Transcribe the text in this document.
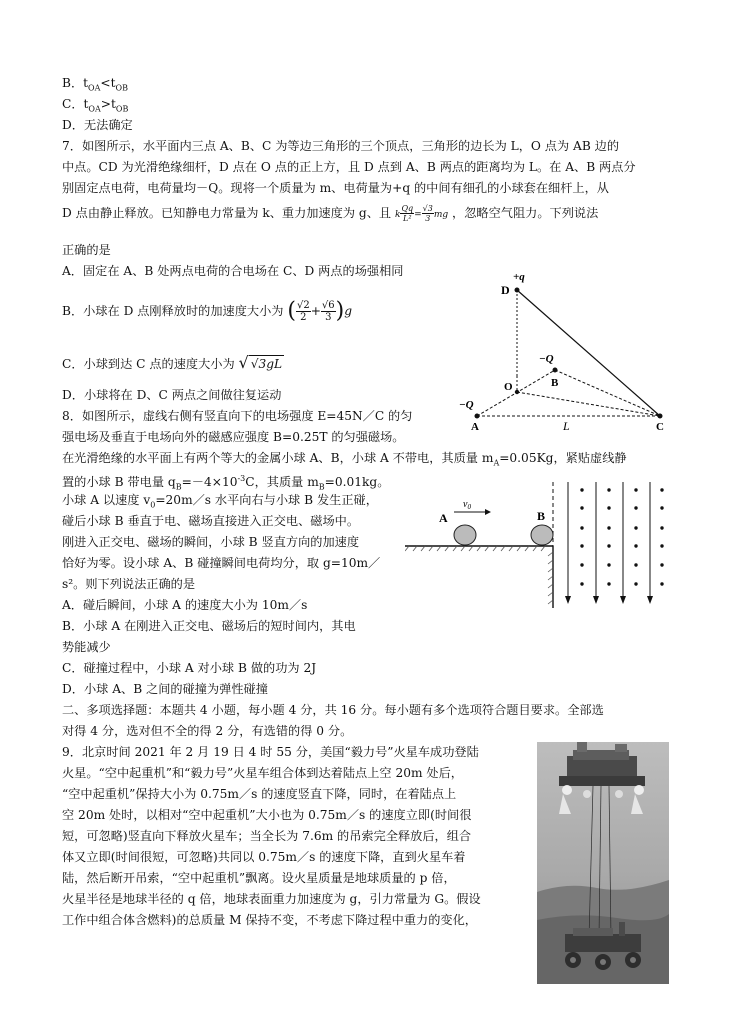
B．$t_{OA}<t_{OB}$
C．$t_{OA}>t_{OB}$
D．无法确定
7．如图所示，水平面内三点 A、B、C 为等边三角形的三个顶点，三角形的边长为 L，O 点为 AB 边的
中点。CD 为光滑绝缘细杆，D 点在 O 点的正上方，且 D 点到 A、B 两点的距离均为 L。在 A、B 两点分
别固定点电荷，电荷量均－Q。现将一个质量为 m、电荷量为+q 的中间有细孔的小球套在细杆上，从
D 点由静止释放。已知静电力常量为 k、重力加速度为 g、且 k $\frac{Qq}{\text{L²}} = \frac{√3}{3}$ mg ，忽略空气阻力。下列说法
正确的是
A．固定在 A、B 处两点电荷的合电场在 C、D 两点的场强相同
B．小球在 D 点刚释放时的加速度大小为 ( $\frac{√2}{2} + \frac{√6}{3} )g$
C．小球到达 C 点的速度大小为 √ √3gL
D．小球将在 D、C 两点之间做往复运动
D
+q
−Q
B
O
−Q
A	L	C
8．如图所示，虚线右侧有竖直向下的电场强度 E=45N／C 的匀
强电场及垂直于电场向外的磁感应强度 B=0.25T 的匀强磁场。
在光滑绝缘的水平面上有两个等大的金属小球 A、B，小球 A 不带电，其质量 $m_A=0.05Kg$，紧贴虚线静
置的小球 B 带电量 $q_B=-4\times 10^{-3}C$，其质量 $m_B=0.01kg$。
小球 A 以速度 $v_0=20m/s$ 水平向右与小球 B 发生正碰，
碰后小球 B 垂直于电、磁场直接进入正交电、磁场中。
刚进入正交电、磁场的瞬间，小球 B 竖直方向的加速度
恰好为零。设小球 A、B 碰撞瞬间电荷均分，取 g=10m／
s²。则下列说法正确的是
A．碰后瞬间，小球 A 的速度大小为 10m／s
B．小球 A 在刚进入正交电、磁场后的短时间内，其电
势能减少
C．碰撞过程中，小球 A 对小球 B 做的功为 2J
D．小球 A、B 之间的碰撞为弹性碰撞
A	B
$v_0$
二、多项选择题：本题共 4 小题，每小题 4 分，共 16 分。每小题有多个选项符合题目要求。全部选
对得 4 分，选对但不全的得 2 分，有选错的得 0 分。
9．北京时间 2021 年 2 月 19 日 4 时 55 分，美国“毅力号”火星车成功登陆
火星。“空中起重机”和“毅力号”火星车组合体到达着陆点上空 20m 处后，
“空中起重机”保持大小为 0.75m／s 的速度竖直下降，同时，在着陆点上
空 20m 处时，以相对“空中起重机”大小也为 0.75m／s 的速度立即(时间很
短，可忽略)竖直向下释放火星车；当全长为 7.6m 的吊索完全释放后，组合
体又立即(时间很短，可忽略)共同以 0.75m／s 的速度下降，直到火星车着
陆，然后断开吊索，“空中起重机”飘离。设火星质量是地球质量的 p 倍，
火星半径是地球半径的 q 倍，地球表面重力加速度为 g，引力常量为 G。假设
工作中组合体含燃料)的总质量 M 保持不变，不考虑下降过程中重力的变化，
